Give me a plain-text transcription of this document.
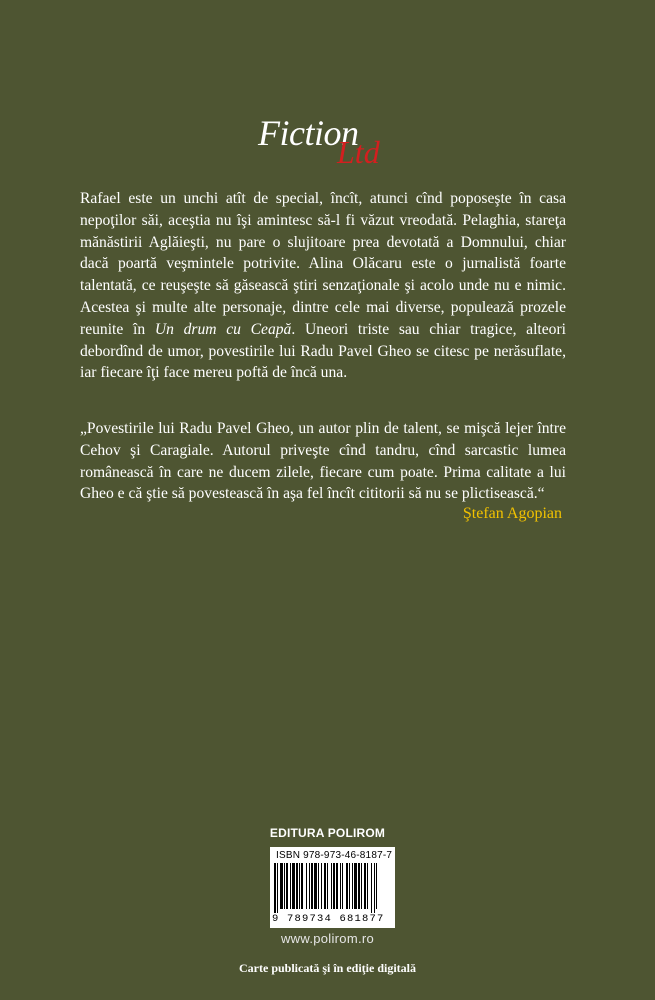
Fiction
Ltd

Rafael este un unchi atît de special, încît, atunci cînd poposeşte în casa nepoţilor săi, aceştia nu îşi amintesc să-l fi văzut vreodată. Pelaghia, stareţa mănăstirii Aglăieşti, nu pare o slujitoare prea devotată a Domnului, chiar dacă poartă veşmintele potrivite. Alina Olăcaru este o jurnalistă foarte talentată, ce reuşeşte să găsească ştiri senzaţionale şi acolo unde nu e nimic. Acestea şi multe alte personaje, dintre cele mai diverse, populează prozele reunite în Un drum cu Ceapă. Uneori triste sau chiar tragice, alteori debordînd de umor, povestirile lui Radu Pavel Gheo se citesc pe nerăsuflate, iar fiecare îţi face mereu poftă de încă una.

„Povestirile lui Radu Pavel Gheo, un autor plin de talent, se mişcă lejer între Cehov şi Caragiale. Autorul priveşte cînd tandru, cînd sarcastic lumea românească în care ne ducem zilele, fiecare cum poate. Prima calitate a lui Gheo e că ştie să povestească în aşa fel încît cititorii să nu se plictisească.“

Ştefan Agopian
EDITURA POLIROM
ISBN 978-973-46-8187-7
9 789734 681877
www.polirom.ro
Carte publicată şi în ediţie digitală
